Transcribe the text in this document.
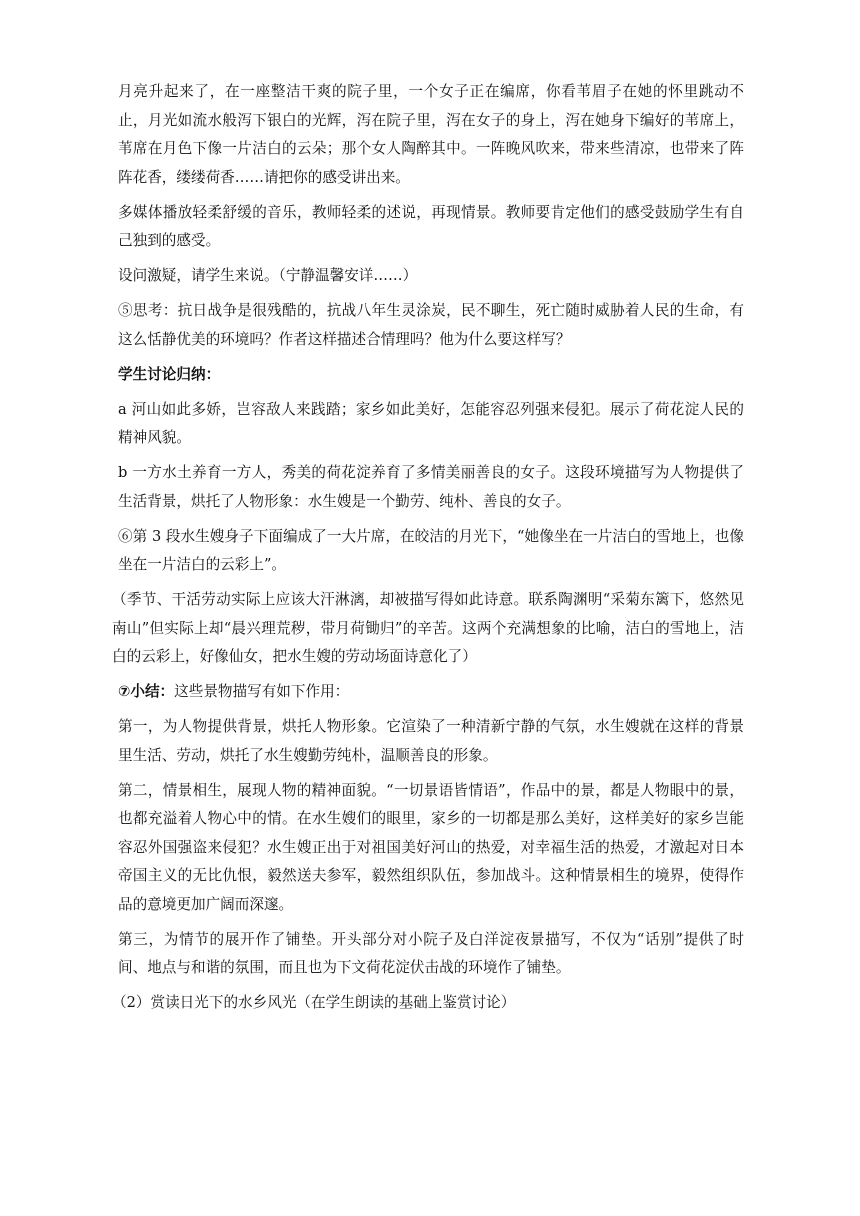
月亮升起来了，在一座整洁干爽的院子里，一个女子正在编席，你看苇眉子在她的怀里跳动不止，月光如流水般泻下银白的光辉，泻在院子里，泻在女子的身上，泻在她身下编好的苇席上，苇席在月色下像一片洁白的云朵；那个女人陶醉其中。一阵晚风吹来，带来些清凉，也带来了阵阵花香，缕缕荷香……请把你的感受讲出来。

多媒体播放轻柔舒缓的音乐，教师轻柔的述说，再现情景。教师要肯定他们的感受鼓励学生有自己独到的感受。

设问激疑，请学生来说。（宁静温馨安详……）

⑤思考：抗日战争是很残酷的，抗战八年生灵涂炭，民不聊生，死亡随时威胁着人民的生命，有这么恬静优美的环境吗？作者这样描述合情理吗？他为什么要这样写？

学生讨论归纳：

a 河山如此多娇，岂容敌人来践踏；家乡如此美好，怎能容忍列强来侵犯。展示了荷花淀人民的精神风貌。

b 一方水土养育一方人，秀美的荷花淀养育了多情美丽善良的女子。这段环境描写为人物提供了生活背景，烘托了人物形象：水生嫂是一个勤劳、纯朴、善良的女子。

⑥第 3 段水生嫂身子下面编成了一大片席，在皎洁的月光下，“她像坐在一片洁白的雪地上，也像坐在一片洁白的云彩上”。

（季节、干活劳动实际上应该大汗淋漓，却被描写得如此诗意。联系陶渊明“采菊东篱下，悠然见南山”但实际上却“晨兴理荒秽，带月荷锄归”的辛苦。这两个充满想象的比喻，洁白的雪地上，洁白的云彩上，好像仙女，把水生嫂的劳动场面诗意化了）

⑦小结：这些景物描写有如下作用：

第一，为人物提供背景，烘托人物形象。它渲染了一种清新宁静的气氛，水生嫂就在这样的背景里生活、劳动，烘托了水生嫂勤劳纯朴，温顺善良的形象。

第二，情景相生，展现人物的精神面貌。“一切景语皆情语”，作品中的景，都是人物眼中的景，也都充溢着人物心中的情。在水生嫂们的眼里，家乡的一切都是那么美好，这样美好的家乡岂能容忍外国强盗来侵犯？水生嫂正出于对祖国美好河山的热爱，对幸福生活的热爱，才激起对日本帝国主义的无比仇恨，毅然送夫参军，毅然组织队伍，参加战斗。这种情景相生的境界，使得作品的意境更加广阔而深邃。

第三，为情节的展开作了铺垫。开头部分对小院子及白洋淀夜景描写，不仅为“话别”提供了时间、地点与和谐的氛围，而且也为下文荷花淀伏击战的环境作了铺垫。

（2）赏读日光下的水乡风光（在学生朗读的基础上鉴赏讨论）
